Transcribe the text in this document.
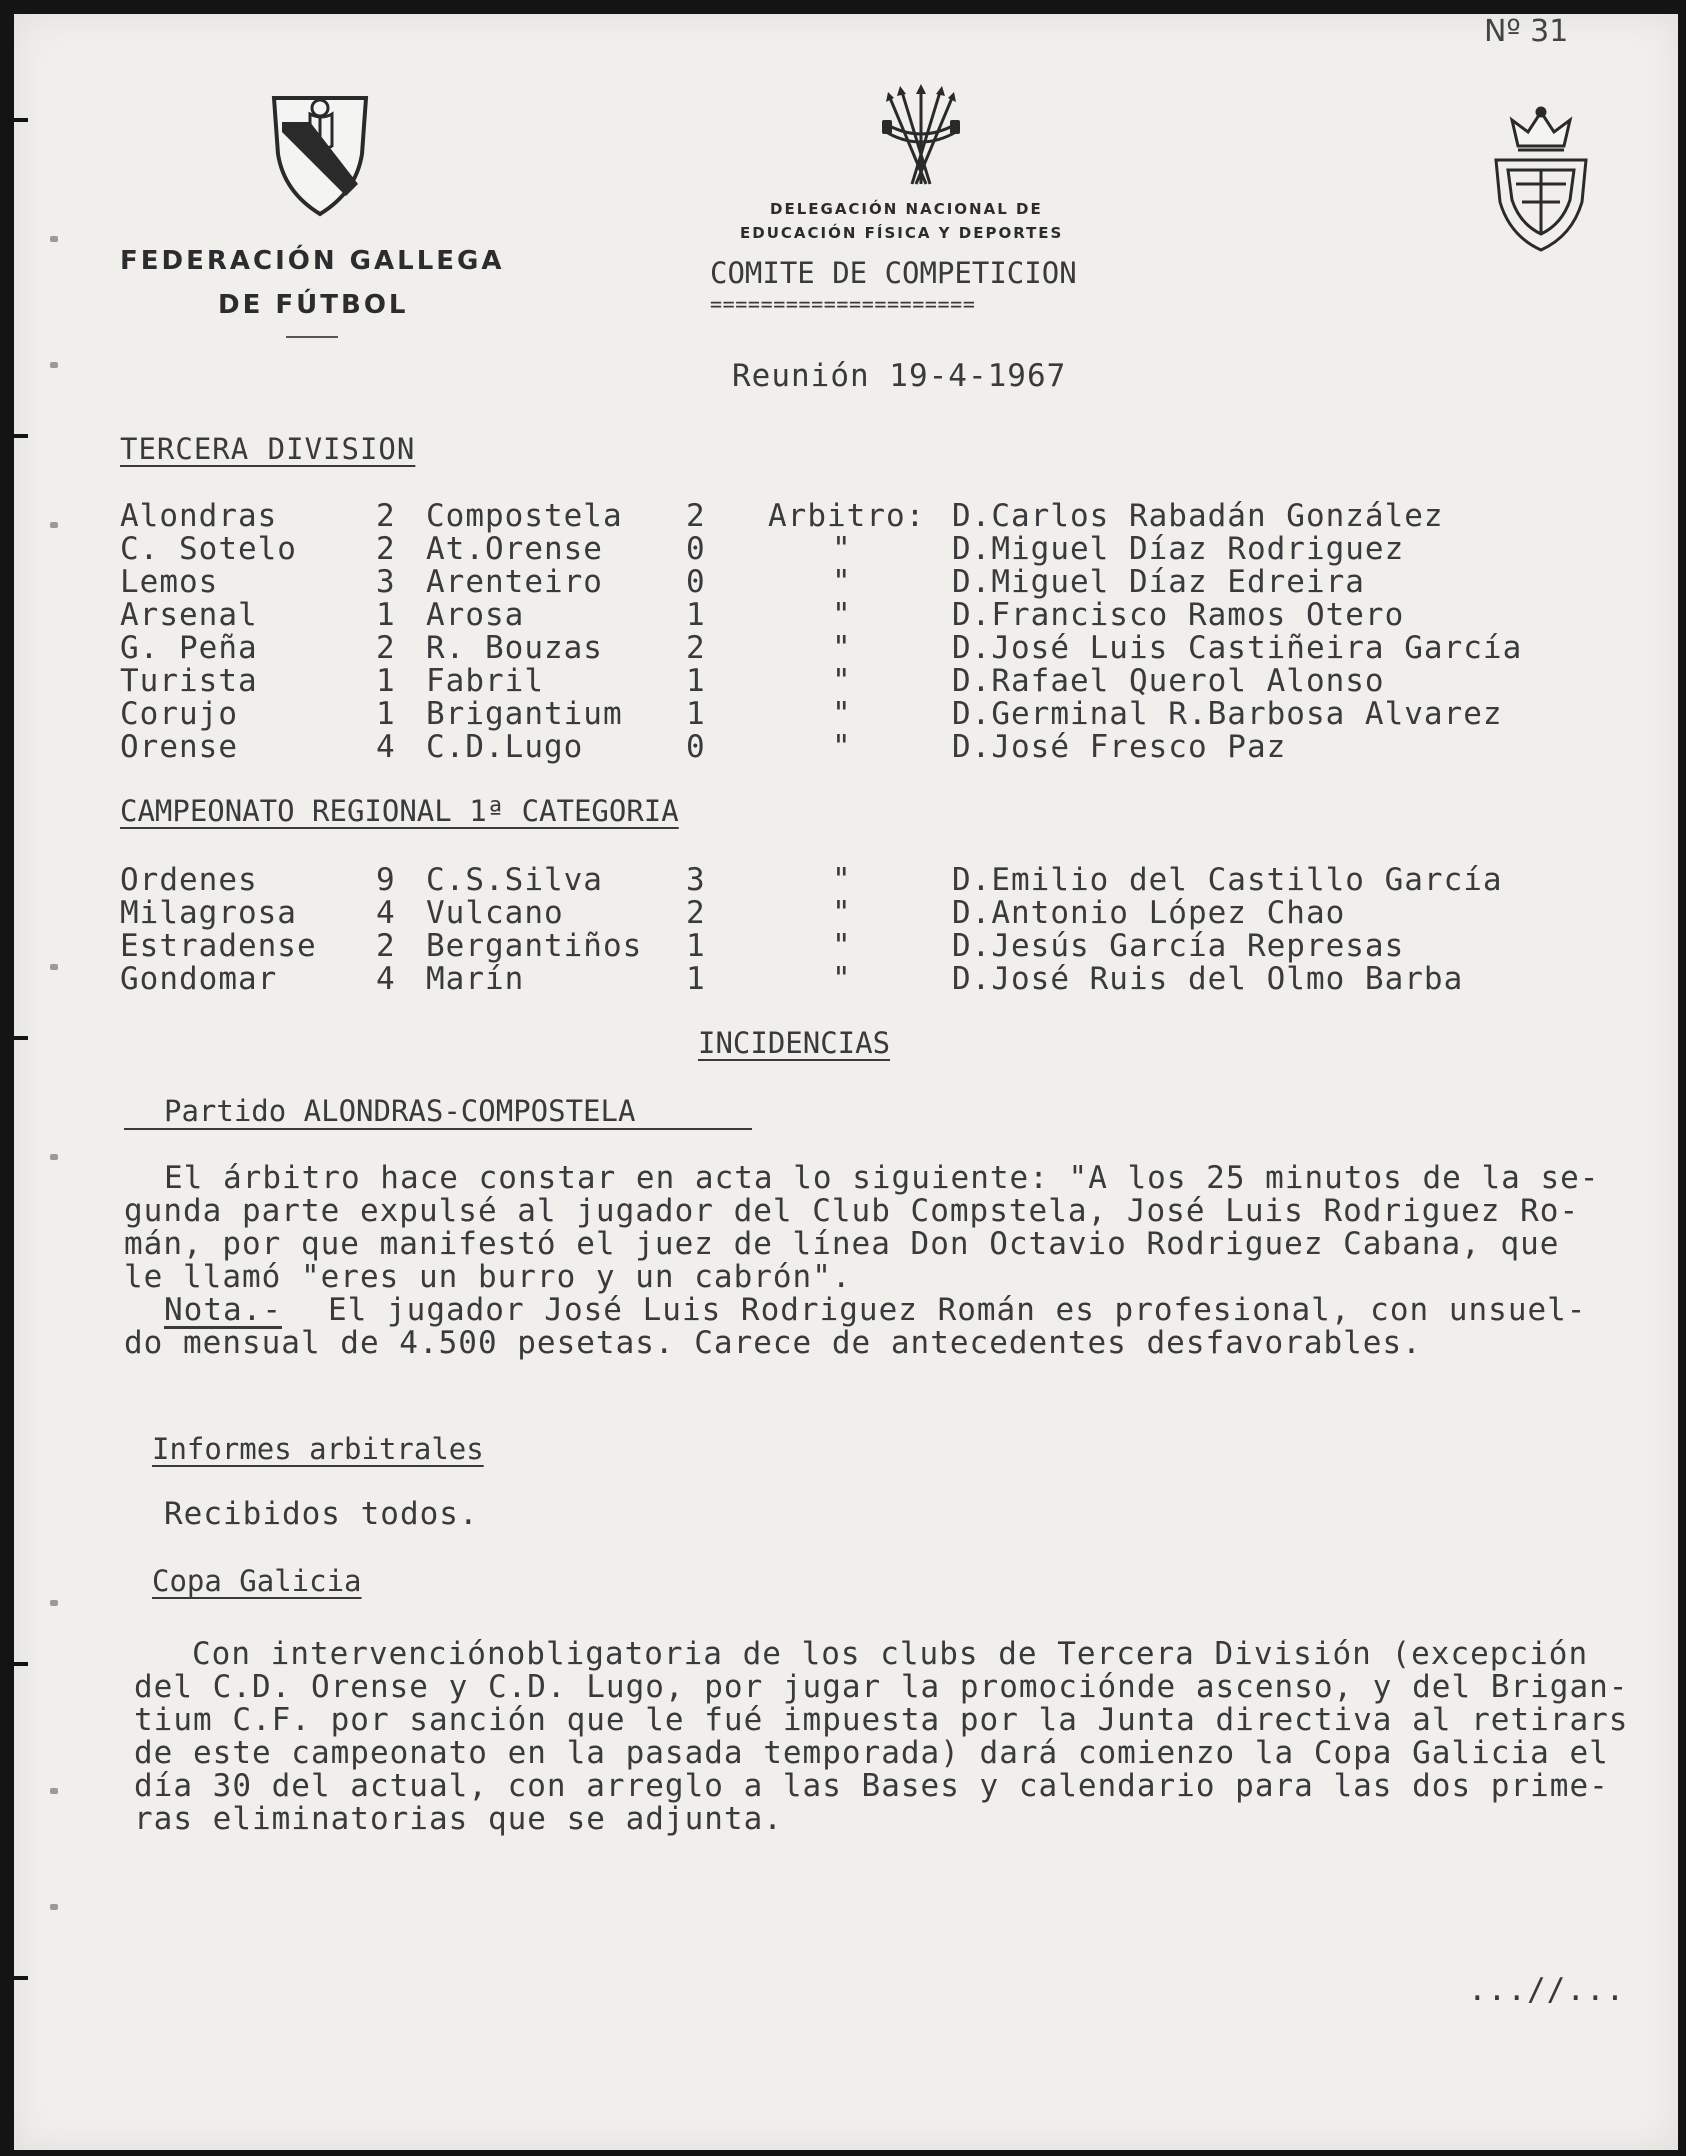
Nº 31
FEDERACIÓN GALLEGA
DE FÚTBOL
DELEGACIÓN NACIONAL DE
EDUCACIÓN FÍSICA Y DEPORTES
COMITE DE COMPETICION
=====================
Reunión 19-4-1967
TERCERA DIVISION
Alondras	2 Compostela 2 Arbitro: D.Carlos Rabadán González
C. Sotelo	2 At.Orense	0	"	D.Miguel Díaz Rodriguez
Lemos	3 Arenteiro	0	"	D.Miguel Díaz Edreira
Arsenal	1 Arosa	1	"	D.Francisco Ramos Otero
G. Peña	2 R. Bouzas	2	"	D.José Luis Castiñeira García
Turista	1 Fabril	1	"	D.Rafael Querol Alonso
Corujo	1 Brigantium 1	"	D.Germinal R.Barbosa Alvarez
Orense	4 C.D.Lugo	0	"	D.José Fresco Paz
CAMPEONATO REGIONAL 1ª CATEGORIA
Ordenes	9 C.S.Silva	3	"	D.Emilio del Castillo García
Milagrosa	4 Vulcano	2	"	D.Antonio López Chao
Estradense 2 Bergantiños 1	"	D.Jesús García Represas
Gondomar	4 Marín	1	"	D.José Ruis del Olmo Barba
INCIDENCIAS
Partido ALONDRAS-COMPOSTELA
El árbitro hace constar en acta lo siguiente: "A los 25 minutos de la se-
gunda parte expulsé al jugador del Club Compstela, José Luis Rodriguez Ro-
mán, por que manifestó el juez de línea Don Octavio Rodriguez Cabana, que
le llamó "eres un burro y un cabrón".
Nota.- El jugador José Luis Rodriguez Román es profesional, con unsuel-
do mensual de 4.500 pesetas. Carece de antecedentes desfavorables.
Informes arbitrales
Recibidos todos.
Copa Galicia
Con intervenciónobligatoria de los clubs de Tercera División (excepción
del C.D. Orense y C.D. Lugo, por jugar la promociónde ascenso, y del Brigan-
tium C.F. por sanción que le fué impuesta por la Junta directiva al retirars
de este campeonato en la pasada temporada) dará comienzo la Copa Galicia el
día 30 del actual, con arreglo a las Bases y calendario para las dos prime-
ras eliminatorias que se adjunta.
...//...
